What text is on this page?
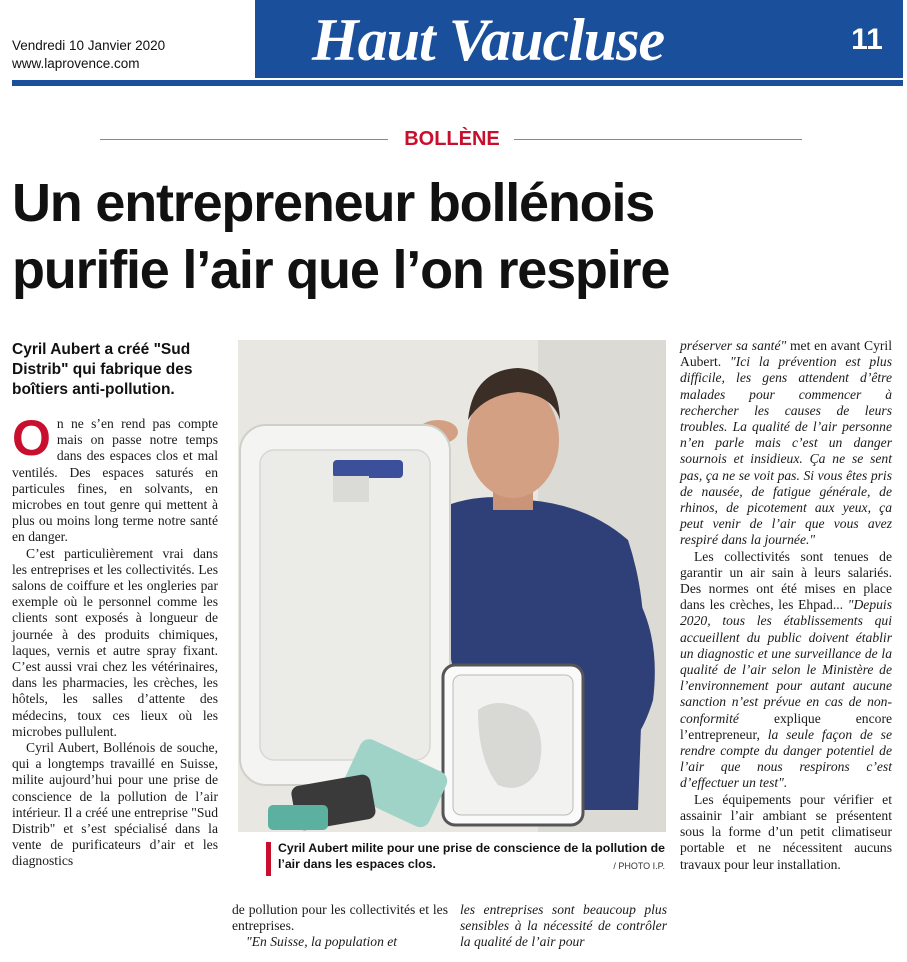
Vendredi 10 Janvier 2020
www.laprovence.com	Haut Vaucluse	11
BOLLÈNE
Un entrepreneur bollénois
purifie l’air que l’on respire
Cyril Aubert a créé "Sud Distrib" qui fabrique des boîtiers anti-pollution.

On ne s’en rend pas compte mais on passe notre temps dans des espaces clos et mal ventilés. Des espaces saturés en particules fines, en solvants, en microbes en tout genre qui mettent à plus ou moins long terme notre santé en danger.

C’est particulièrement vrai dans les entreprises et les collectivités. Les salons de coiffure et les ongleries par exemple où le personnel comme les clients sont exposés à longueur de journée à des produits chimiques, laques, vernis et autre spray fixant. C’est aussi vrai chez les vétérinaires, dans les pharmacies, les crèches, les hôtels, les salles d’attente des médecins, toux ces lieux où les microbes pullulent.

Cyril Aubert, Bollénois de souche, qui a longtemps travaillé en Suisse, milite aujourd’hui pour une prise de conscience de la pollution de l’air intérieur. Il a créé une entreprise "Sud Distrib" et s’est spécialisé dans la vente de purificateurs d’air et les diagnostics

Cyril Aubert milite pour une prise de conscience de la pollution de l’air dans les espaces clos.	/ PHOTO I.P.

de pollution pour les collectivités et les entreprises.

"En Suisse, la population et

les entreprises sont beaucoup plus sensibles à la nécessité de contrôler la qualité de l’air pour

préserver sa santé" met en avant Cyril Aubert. "Ici la prévention est plus difficile, les gens attendent d’être malades pour commencer à rechercher les causes de leurs troubles. La qualité de l’air personne n’en parle mais c’est un danger sournois et insidieux. Ça ne se sent pas, ça ne se voit pas. Si vous êtes pris de nausée, de fatigue générale, de rhinos, de picotement aux yeux, ça peut venir de l’air que vous avez respiré dans la journée."

Les collectivités sont tenues de garantir un air sain à leurs salariés. Des normes ont été mises en place dans les crèches, les Ehpad... "Depuis 2020, tous les établissements qui accueillent du public doivent établir un diagnostic et une surveillance de la qualité de l’air selon le Ministère de l’environnement pour autant aucune sanction n’est prévue en cas de non-conformité explique encore l’entrepreneur, la seule façon de se rendre compte du danger potentiel de l’air que nous respirons c’est d’effectuer un test".

Les équipements pour vérifier et assainir l’air ambiant se présentent sous la forme d’un petit climatiseur portable et ne nécessitent aucuns travaux pour leur installation.
